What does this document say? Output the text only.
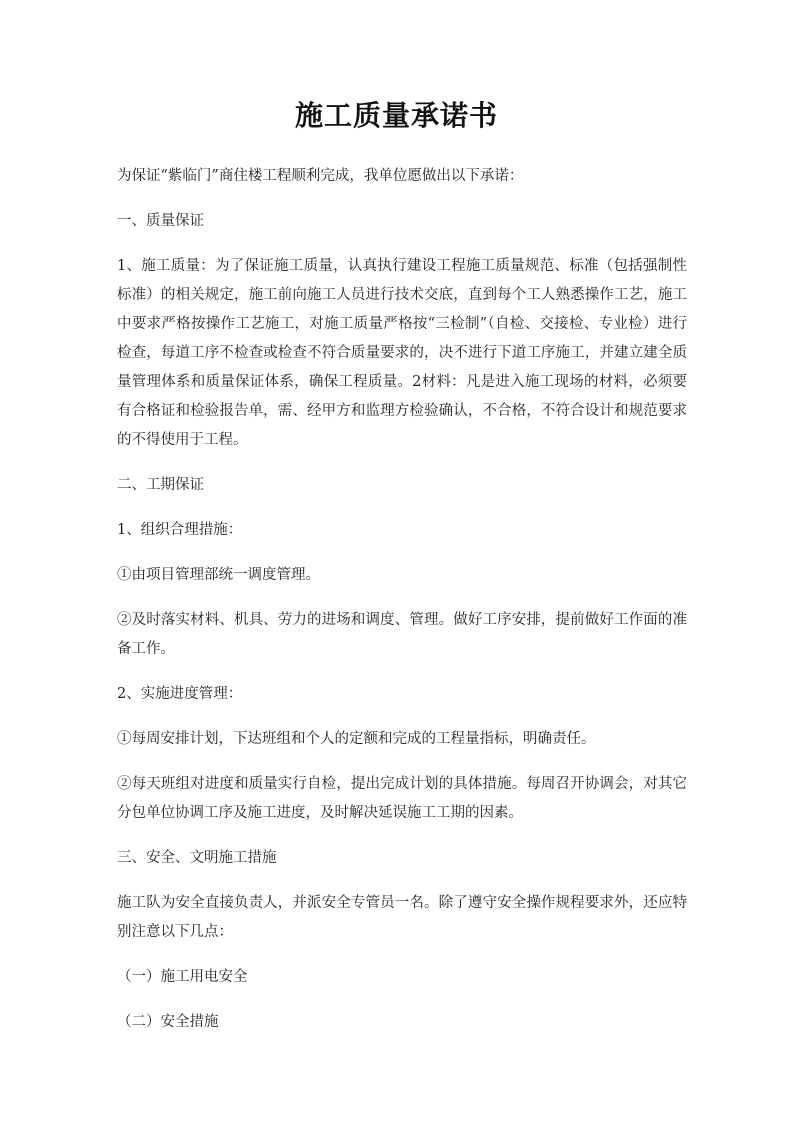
施工质量承诺书

为保证“紫临门”商住楼工程顺利完成，我单位愿做出以下承诺：

一、质量保证

1、施工质量：为了保证施工质量，认真执行建设工程施工质量规范、标准（包括强制性标准）的相关规定，施工前向施工人员进行技术交底，直到每个工人熟悉操作工艺，施工中要求严格按操作工艺施工，对施工质量严格按“三检制”（自检、交接检、专业检）进行检查，每道工序不检查或检查不符合质量要求的，决不进行下道工序施工，并建立建全质量管理体系和质量保证体系，确保工程质量。2材料：凡是进入施工现场的材料，必须要有合格证和检验报告单，需、经甲方和监理方检验确认，不合格，不符合设计和规范要求的不得使用于工程。

二、工期保证

1、组织合理措施：

①由项目管理部统一调度管理。

②及时落实材料、机具、劳力的进场和调度、管理。做好工序安排，提前做好工作面的准备工作。

2、实施进度管理：

①每周安排计划，下达班组和个人的定额和完成的工程量指标，明确责任。

②每天班组对进度和质量实行自检，提出完成计划的具体措施。每周召开协调会，对其它分包单位协调工序及施工进度，及时解决延误施工工期的因素。

三、安全、文明施工措施

施工队为安全直接负责人，并派安全专管员一名。除了遵守安全操作规程要求外，还应特别注意以下几点：

（一）施工用电安全

（二）安全措施
